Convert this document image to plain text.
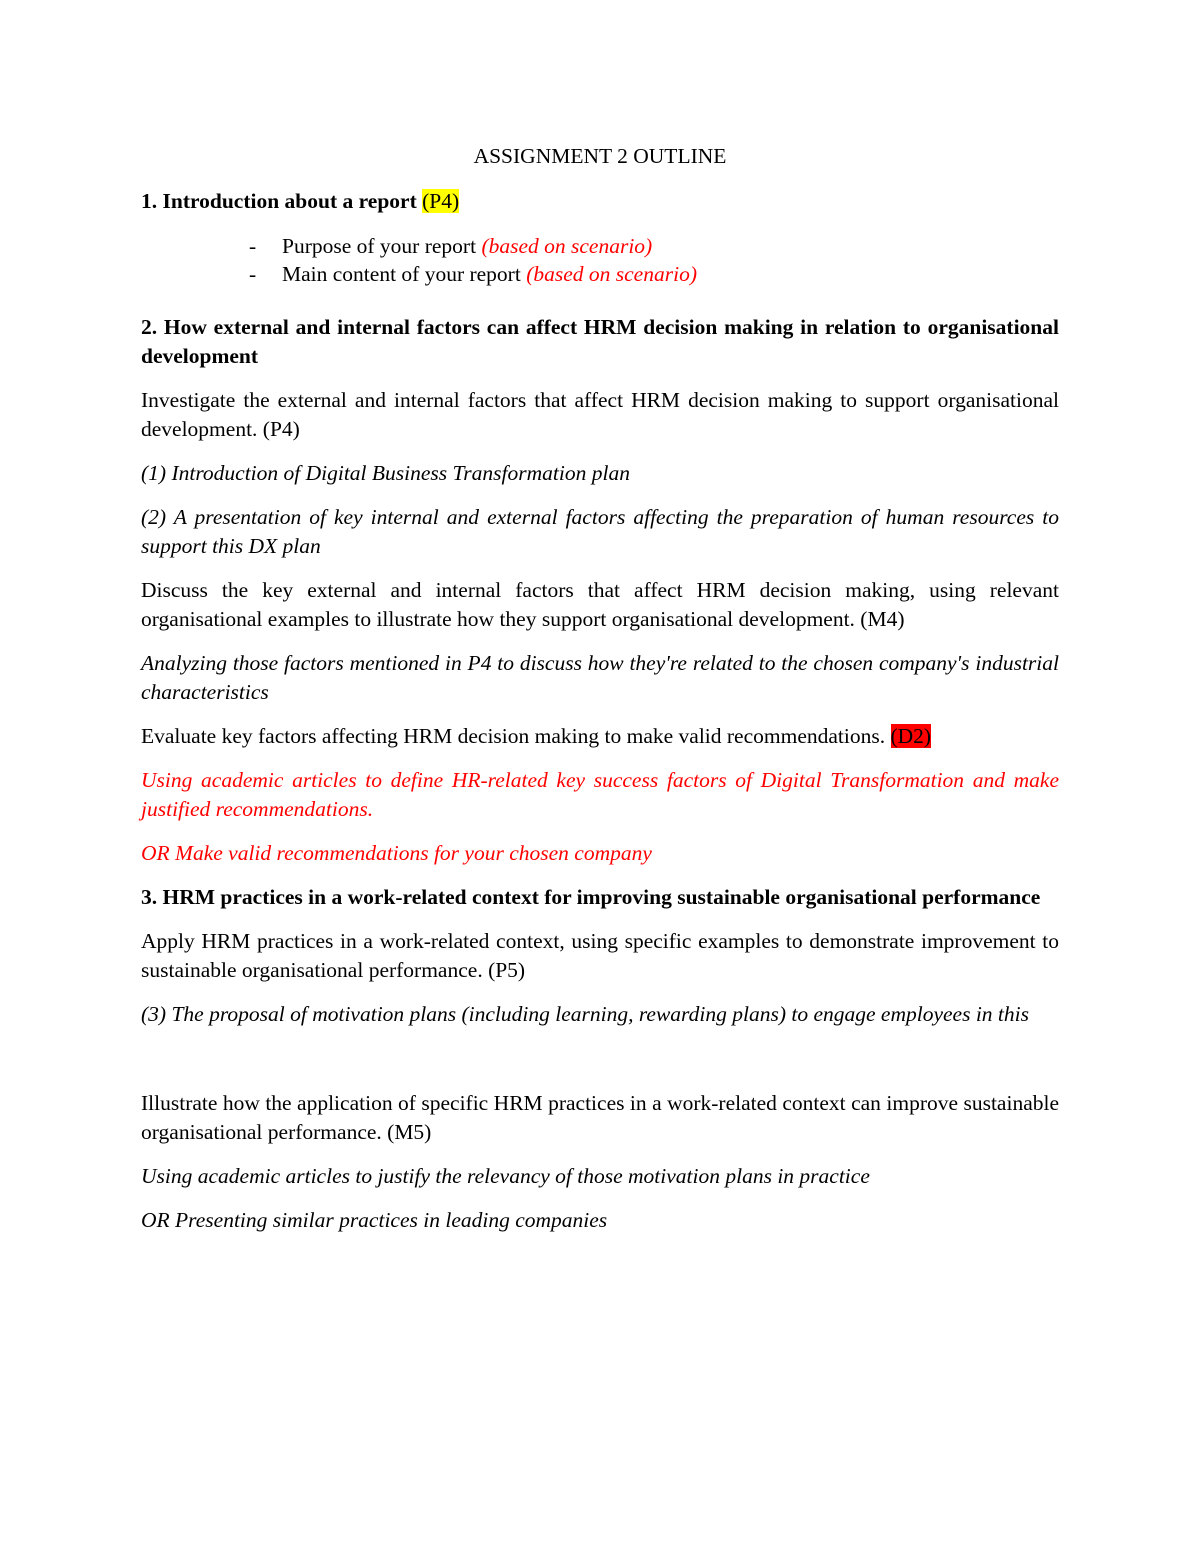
ASSIGNMENT 2 OUTLINE

1. Introduction about a report (P4)

- Purpose of your report (based on scenario)
- Main content of your report (based on scenario)

2. How external and internal factors can affect HRM decision making in relation to organisational development

Investigate the external and internal factors that affect HRM decision making to support organisational development. (P4)

(1) Introduction of Digital Business Transformation plan

(2) A presentation of key internal and external factors affecting the preparation of human resources to support this DX plan

Discuss the key external and internal factors that affect HRM decision making, using relevant organisational examples to illustrate how they support organisational development. (M4)

Analyzing those factors mentioned in P4 to discuss how they're related to the chosen company's industrial characteristics

Evaluate key factors affecting HRM decision making to make valid recommendations. (D2)

Using academic articles to define HR-related key success factors of Digital Transformation and make justified recommendations.

OR Make valid recommendations for your chosen company

3. HRM practices in a work-related context for improving sustainable organisational performance

Apply HRM practices in a work-related context, using specific examples to demonstrate improvement to sustainable organisational performance. (P5)

(3) The proposal of motivation plans (including learning, rewarding plans) to engage employees in this

Illustrate how the application of specific HRM practices in a work-related context can improve sustainable organisational performance. (M5)

Using academic articles to justify the relevancy of those motivation plans in practice

OR Presenting similar practices in leading companies
